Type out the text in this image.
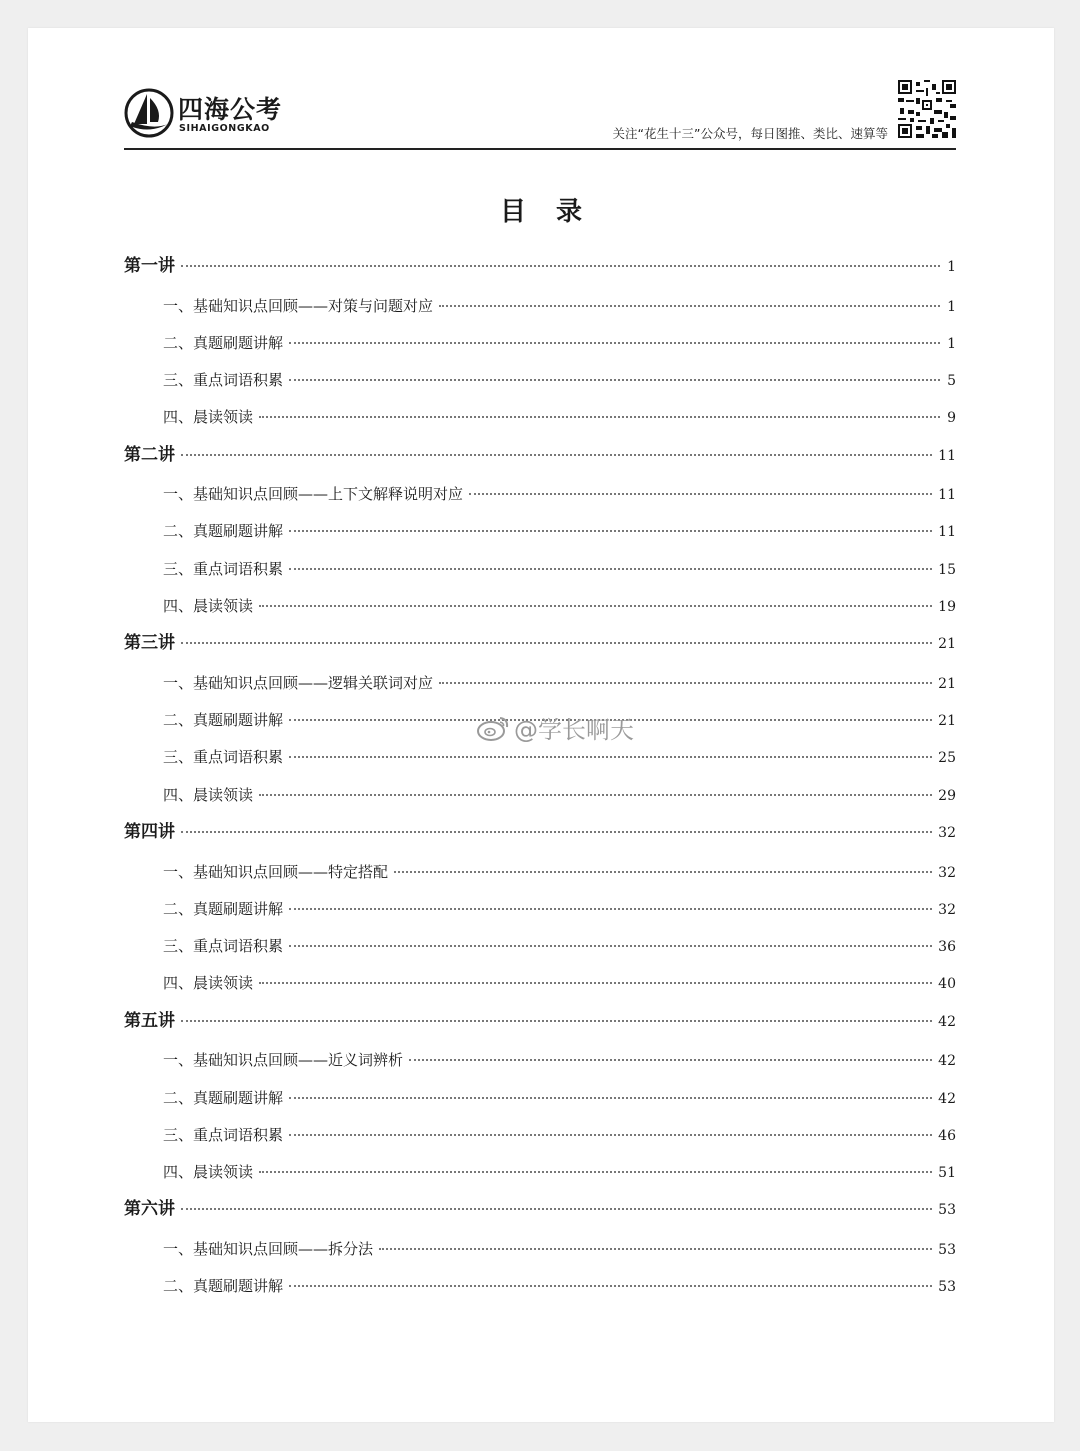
四海公考
SIHAIGONGKAO	关注“花生十三”公众号，每日图推、类比、速算等
目录
第一讲	1
一、基础知识点回顾——对策与问题对应	1
二、真题刷题讲解	1
三、重点词语积累	5
四、晨读领读	9
第二讲	11
一、基础知识点回顾——上下文解释说明对应	11
二、真题刷题讲解	11
三、重点词语积累	15
四、晨读领读	19
第三讲	21
一、基础知识点回顾——逻辑关联词对应	21
二、真题刷题讲解	21
三、重点词语积累	25
四、晨读领读	29
第四讲	32
一、基础知识点回顾——特定搭配	32
二、真题刷题讲解	32
三、重点词语积累	36
四、晨读领读	40
第五讲	42
一、基础知识点回顾——近义词辨析	42
二、真题刷题讲解	42
三、重点词语积累	46
四、晨读领读	51
第六讲	53
一、基础知识点回顾——拆分法	53
二、真题刷题讲解	53
@学长啊天
